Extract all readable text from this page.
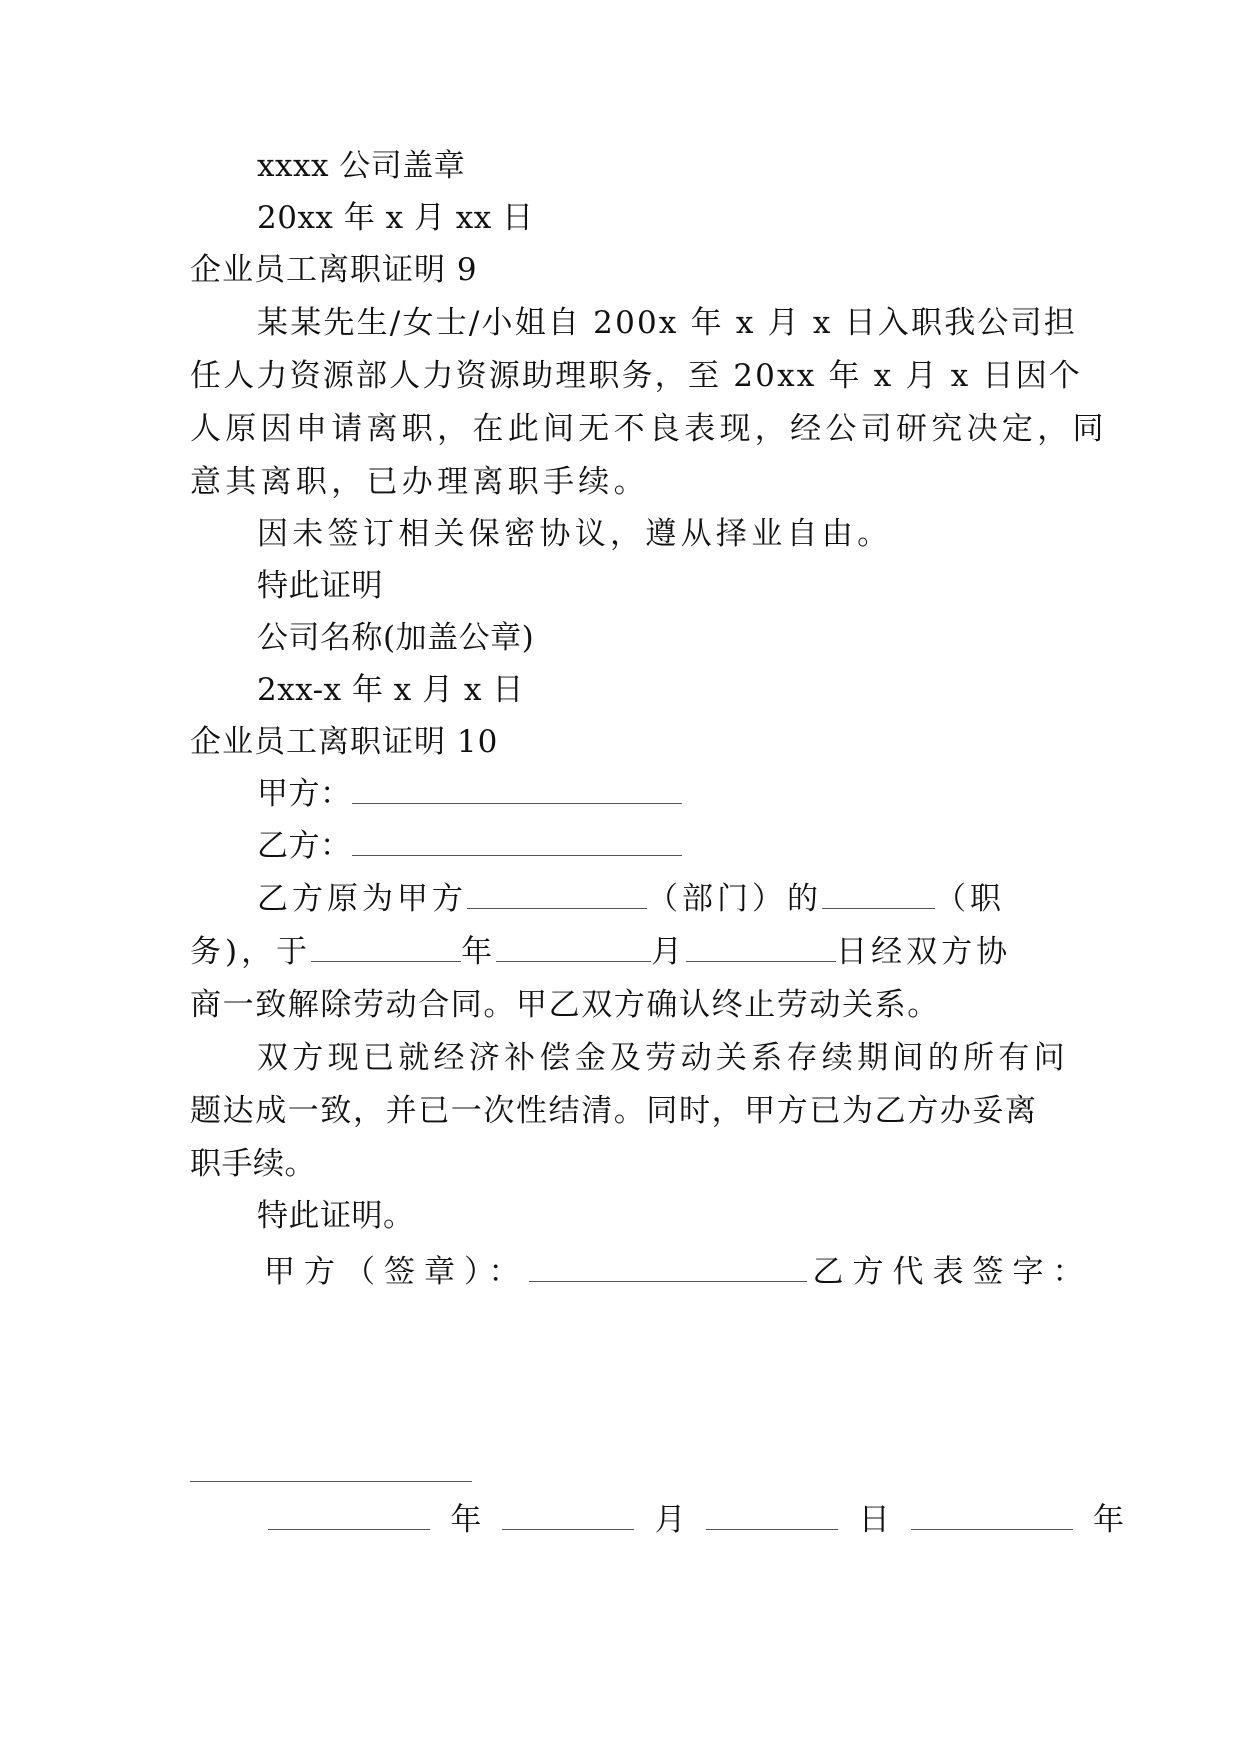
xxxx 公司盖章
20xx 年 x 月 xx 日
企业员工离职证明 9
某某先生/女士/小姐自 200x 年 x 月 x 日入职我公司担
任人力资源部人力资源助理职务，至 20xx 年 x 月 x 日因个
人原因申请离职，在此间无不良表现，经公司研究决定，同
意其离职，已办理离职手续。
因未签订相关保密协议，遵从择业自由。
特此证明
公司名称(加盖公章)
2xx-x 年 x 月 x 日
企业员工离职证明 10
甲方：
乙方：
乙方原为甲方	（部门）的	（职
务)，于	年	月	日经双方协
商一致解除劳动合同。甲乙双方确认终止劳动关系。
双方现已就经济补偿金及劳动关系存续期间的所有问
题达成一致，并已一次性结清。同时，甲方已为乙方办妥离
职手续。
特此证明。
甲方（签章）：	乙方代表签字：
年	月	日	年
